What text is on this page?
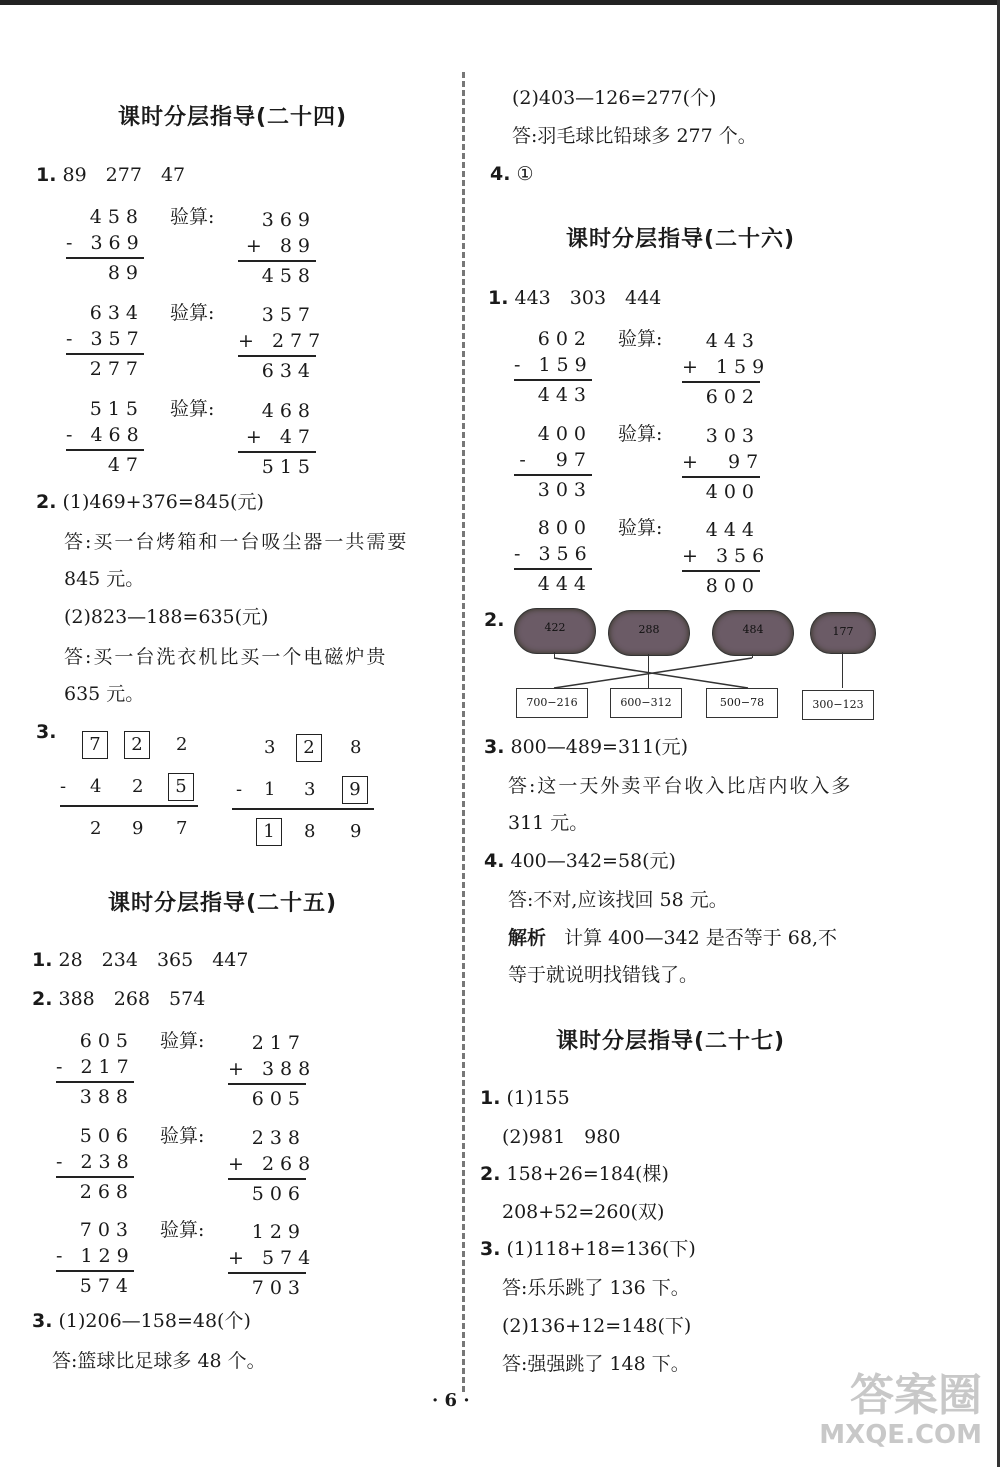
课时分层指导(二十四)
1. 89　277　47
458
- 369
89
验算:	369
+ 89
458
634
- 357
277
验算:	357
+ 277
634
515
- 468
47
验算:	468
+ 47
515
2. (1)469+376=845(元)
答:买一台烤箱和一台吸尘器一共需要
845 元。
(2)823—188=635(元)
答:买一台洗衣机比买一个电磁炉贵
635 元。
3.
7	2	2
- 4 2	5
2 9 7
3	2	8
- 1 3	9
1	8 9
课时分层指导(二十五)
1. 28　234　365　447
2. 388　268　574
605
- 217
388
验算:	217
+ 388
605
506
- 238
268
验算:	238
+ 268
506
703
- 129
574
验算:	129
+ 574
703
3. (1)206—158=48(个)
答:篮球比足球多 48 个。
(2)403—126=277(个)
答:羽毛球比铅球多 277 个。
4. ①
课时分层指导(二十六)
1. 443　303　444
602
- 159
443
验算:	443
+ 159
602
400
-  97
303
验算:	303
+  97
400
800
- 356
444
验算:	444
+ 356
800
2.	422	288	484	177
700−216	600−312	500−78	300−123
3. 800—489=311(元)
答:这一天外卖平台收入比店内收入多
311 元。
4. 400—342=58(元)
答:不对,应该找回 58 元。
解析 计算 400—342 是否等于 68,不
等于就说明找错钱了。
课时分层指导(二十七)
1. (1)155
(2)981　980
2. 158+26=184(棵)
208+52=260(双)
3. (1)118+18=136(下)
答:乐乐跳了 136 下。
(2)136+12=148(下)
答:强强跳了 148 下。
· 6 ·	答案圈
MXQE.COM
